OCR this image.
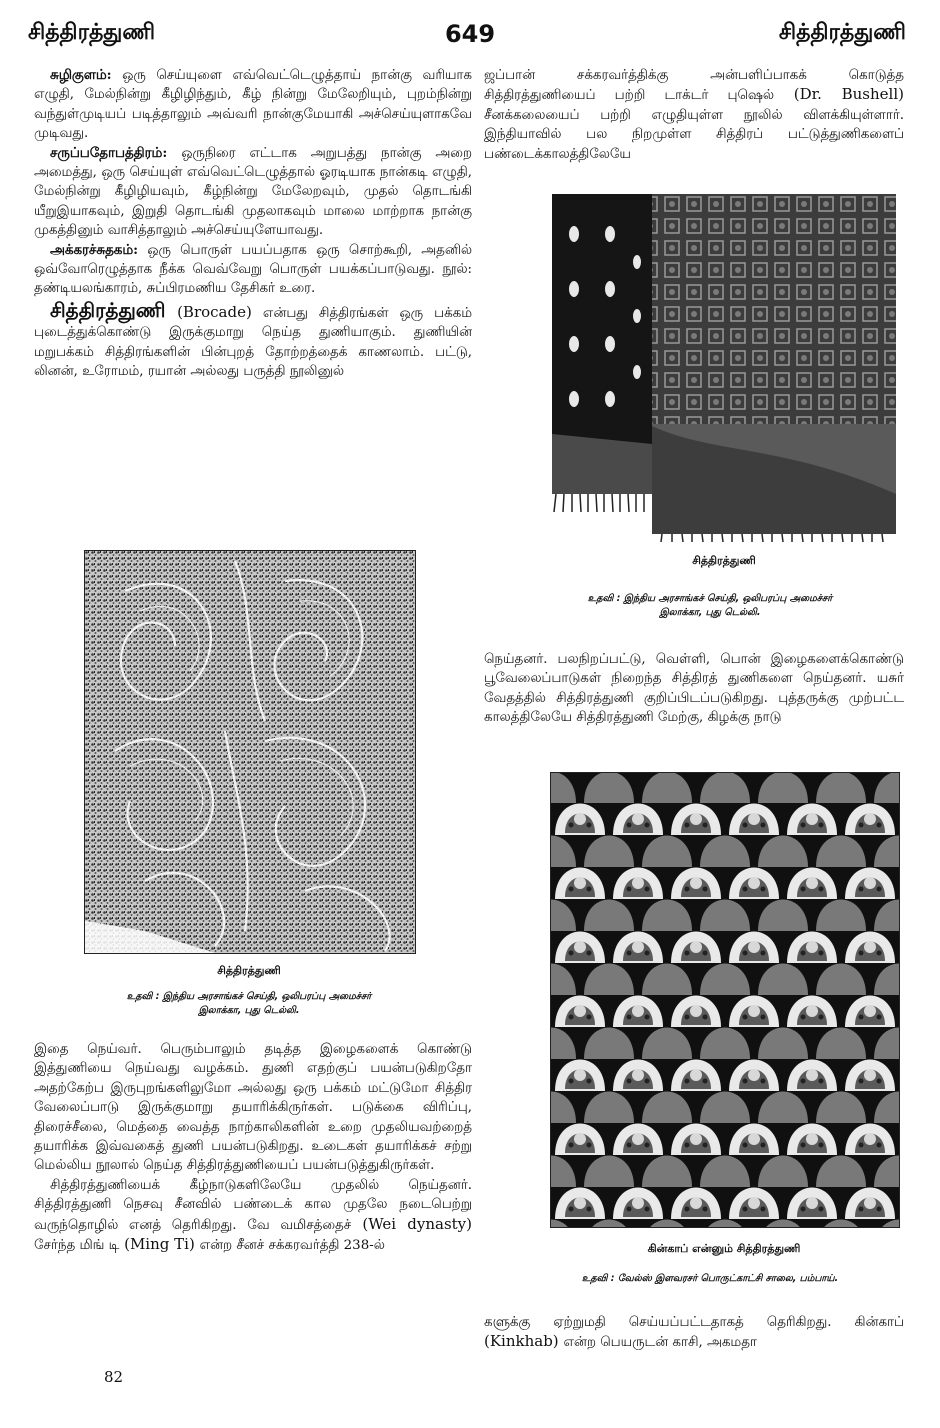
சித்திரத்துணி	649	சித்திரத்துணி

சுழிகுளம்: ஒரு செய்யுளை எவ்வெட்டெழுத்தாய் நான்கு வரியாக எழுதி, மேல்நின்று கீழிழிந்தும், கீழ் நின்று மேலேறியும், புறம்நின்று வந்துள்முடியப் படித்தாலும் அவ்வரி நான்குமேயாகி அச்செய்யுளாகவே முடிவது.

சருப்பதோபத்திரம்: ஒருநிரை எட்டாக அறுபத்து நான்கு அறை அமைத்து, ஒரு செய்யுள் எவ்வெட்டெழுத்தால் ஓரடியாக நான்கடி எழுதி, மேல்நின்று கீழிழியவும், கீழ்நின்று மேலேறவும், முதல் தொடங்கி யீறுஇயாகவும், இறுதி தொடங்கி முதலாகவும் மாலை மாற்றாக நான்கு முகத்தினும் வாசித்தாலும் அச்செய்யுளேயாவது.

அக்கரச்சுதகம்: ஒரு பொருள் பயப்பதாக ஒரு சொற்கூறி, அதனில் ஒவ்வோரெழுத்தாக நீக்க வெவ்வேறு பொருள் பயக்கப்பாடுவது. நூல்: தண்டியலங்காரம், சுப்பிரமணிய தேசிகர் உரை.

சித்திரத்துணி (Brocade) என்பது சித்திரங்கள் ஒரு பக்கம் புடைத்துக்கொண்டு இருக்குமாறு நெய்த துணியாகும். துணியின் மறுபக்கம் சித்திரங்களின் பின்புறத் தோற்றத்தைக் காணலாம். பட்டு, லினன், உரோமம், ரயான் அல்லது பருத்தி நூலினுல்

சித்திரத்துணி
உதவி : இந்திய அரசாங்கச் செய்தி, ஒலிபரப்பு அமைச்சர்
இலாக்கா, புது டெல்லி.

இதை நெய்வர். பெரும்பாலும் தடித்த இழைகளைக் கொண்டு இத்துணியை நெய்வது வழக்கம். துணி எதற்குப் பயன்படுகிறதோ அதற்கேற்ப இருபுறங்களிலுமோ அல்லது ஒரு பக்கம் மட்டுமோ சித்திர வேலைப்பாடு இருக்குமாறு தயாரிக்கிருர்கள். படுக்கை விரிப்பு, திரைச்சீலை, மெத்தை வைத்த நாற்காலிகளின் உறை முதலியவற்றைத் தயாரிக்க இவ்வகைத் துணி பயன்படுகிறது. உடைகள் தயாரிக்கச் சற்று மெல்லிய நூலால் நெய்த சித்திரத்துணியைப் பயன்படுத்துகிருர்கள்.

சித்திரத்துணியைக் கீழ்நாடுகளிலேயே முதலில் நெய்தனர். சித்திரத்துணி நெசவு சீனவில் பண்டைக் கால முதலே நடைபெற்று வருந்தொழில் எனத் தெரிகிறது. வே வமிசத்தைச் (Wei dynasty) சேர்ந்த மிங் டி (Ming Ti) என்ற சீனச் சக்கரவர்த்தி 238-ல்

ஜப்பான் சக்கரவர்த்திக்கு அன்பளிப்பாகக் கொடுத்த சித்திரத்துணியைப் பற்றி டாக்டர் புஷெல் (Dr. Bushell) சீனக்கலையைப் பற்றி எழுதியுள்ள நூலில் விளக்கியுள்ளார். இந்தியாவில் பல நிறமுள்ள சித்திரப் பட்டுத்துணிகளைப் பண்டைக்காலத்திலேயே

சித்திரத்துணி
உதவி : இந்திய அரசாங்கச் செய்தி, ஒலிபரப்பு அமைச்சர்
இலாக்கா, புது டெல்லி.

நெய்தனர். பலநிறப்பட்டு, வெள்ளி, பொன் இழைகளைக்கொண்டு பூவேலைப்பாடுகள் நிறைந்த சித்திரத் துணிகளை நெய்தனர். யசுர் வேதத்தில் சித்திரத்துணி குறிப்பிடப்படுகிறது. புத்தருக்கு முற்பட்ட காலத்திலேயே சித்திரத்துணி மேற்கு, கிழக்கு நாடு

கின்காப் என்னும் சித்திரத்துணி
உதவி : வேல்ஸ் இளவரசர் பொருட்காட்சி சாலை, பம்பாய்.

களுக்கு ஏற்றுமதி செய்யப்பட்டதாகத் தெரிகிறது. கின்காப் (Kinkhab) என்ற பெயருடன் காசி, அகமதா

82
